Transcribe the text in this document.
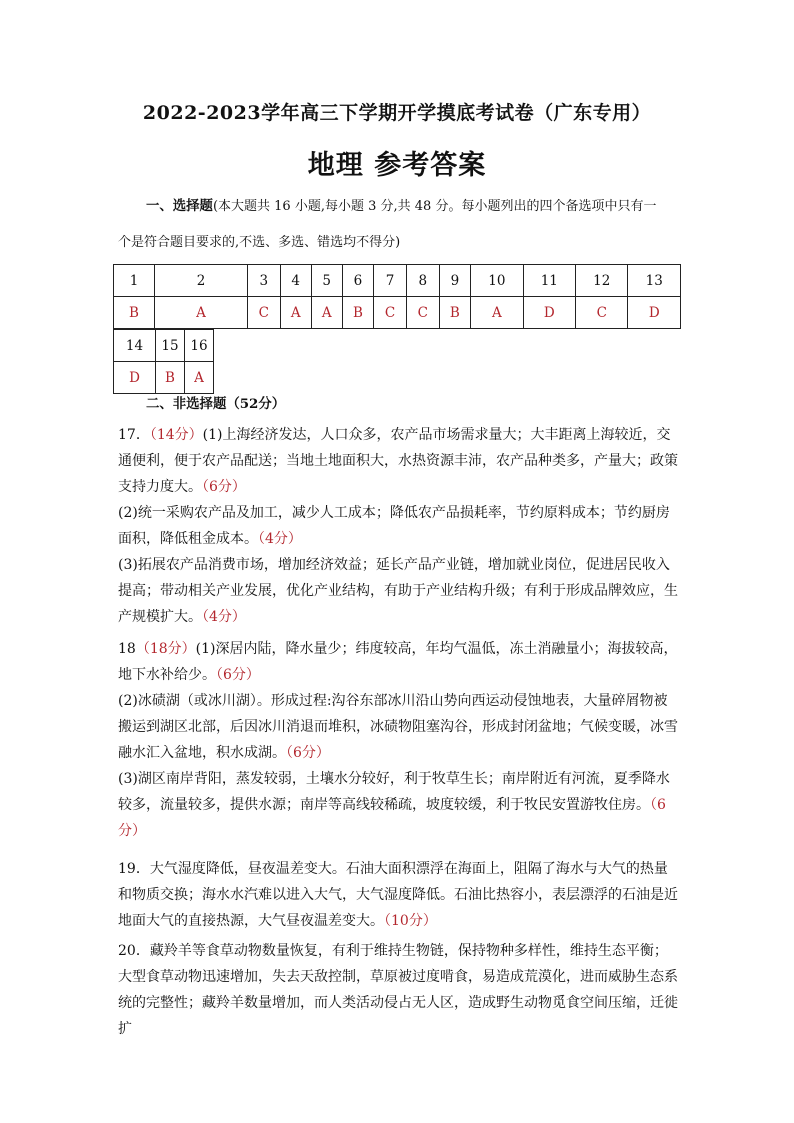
2022-2023学年高三下学期开学摸底考试卷（广东专用）
地理 参考答案
一、选择题(本大题共 16 小题,每小题 3 分,共 48 分。每小题列出的四个备选项中只有一
个是符合题目要求的,不选、多选、错选均不得分)
1	2	3	4	5	6	7	8	9	10	11	12	13
B	A	C	A	A	B	C	C	B	A	D	C	D
14	15	16
D	B	A
二、非选择题（52分）

17．（14分）(1)上海经济发达，人口众多，农产品市场需求量大；大丰距离上海较近，交通便利，便于农产品配送；当地土地面积大，水热资源丰沛，农产品种类多，产量大；政策支持力度大。（6分）

(2)统一采购农产品及加工，减少人工成本；降低农产品损耗率，节约原料成本；节约厨房面积，降低租金成本。（4分）

(3)拓展农产品消费市场，增加经济效益；延长产品产业链，增加就业岗位，促进居民收入提高；带动相关产业发展，优化产业结构，有助于产业结构升级；有利于形成品牌效应，生产规模扩大。（4分）

18（18分）(1)深居内陆，降水量少；纬度较高，年均气温低，冻土消融量小；海拔较高，地下水补给少。（6分）

(2)冰碛湖（或冰川湖）。形成过程:沟谷东部冰川沿山势向西运动侵蚀地表，大量碎屑物被搬运到湖区北部，后因冰川消退而堆积，冰碛物阻塞沟谷，形成封闭盆地；气候变暖，冰雪融水汇入盆地，积水成湖。（6分）

(3)湖区南岸背阳，蒸发较弱，土壤水分较好，利于牧草生长；南岸附近有河流，夏季降水较多，流量较多，提供水源；南岸等高线较稀疏，坡度较缓，利于牧民安置游牧住房。（6分）

19．大气湿度降低，昼夜温差变大。石油大面积漂浮在海面上，阻隔了海水与大气的热量和物质交换；海水水汽难以进入大气，大气湿度降低。石油比热容小，表层漂浮的石油是近地面大气的直接热源，大气昼夜温差变大。（10分）

20．藏羚羊等食草动物数量恢复，有利于维持生物链，保持物种多样性，维持生态平衡；大型食草动物迅速增加，失去天敌控制，草原被过度啃食，易造成荒漠化，进而威胁生态系统的完整性；藏羚羊数量增加，而人类活动侵占无人区，造成野生动物觅食空间压缩，迁徙扩
